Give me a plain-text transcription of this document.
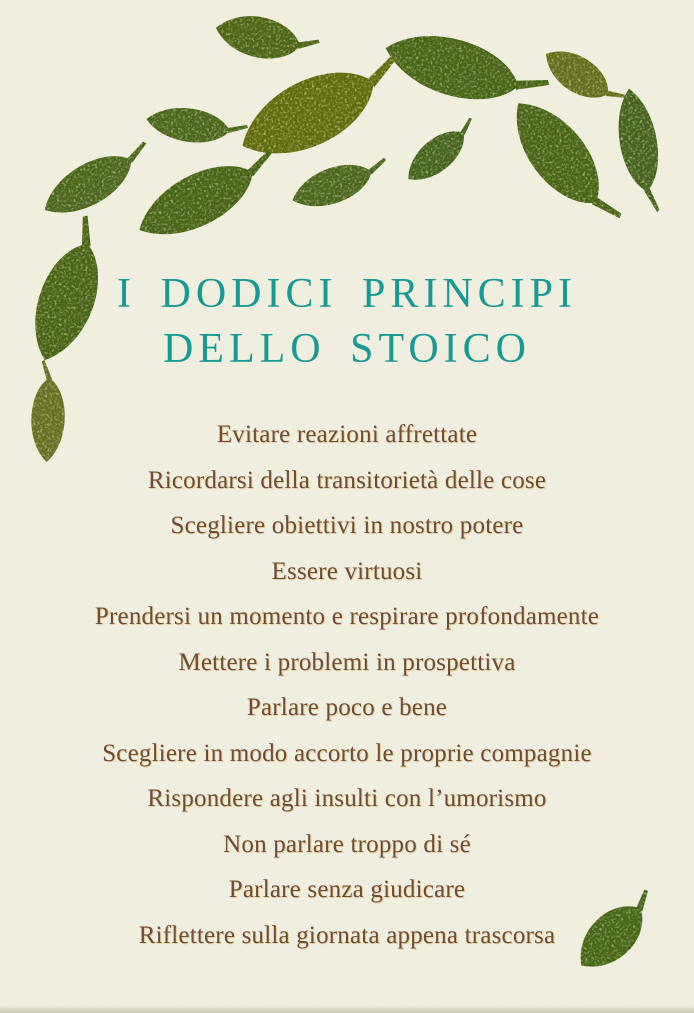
I DODICI PRINCIPI
DELLO STOICO
Evitare reazioni affrettate
Ricordarsi della transitorietà delle cose
Scegliere obiettivi in nostro potere
Essere virtuosi
Prendersi un momento e respirare profondamente
Mettere i problemi in prospettiva
Parlare poco e bene
Scegliere in modo accorto le proprie compagnie
Rispondere agli insulti con l’umorismo
Non parlare troppo di sé
Parlare senza giudicare
Riflettere sulla giornata appena trascorsa
